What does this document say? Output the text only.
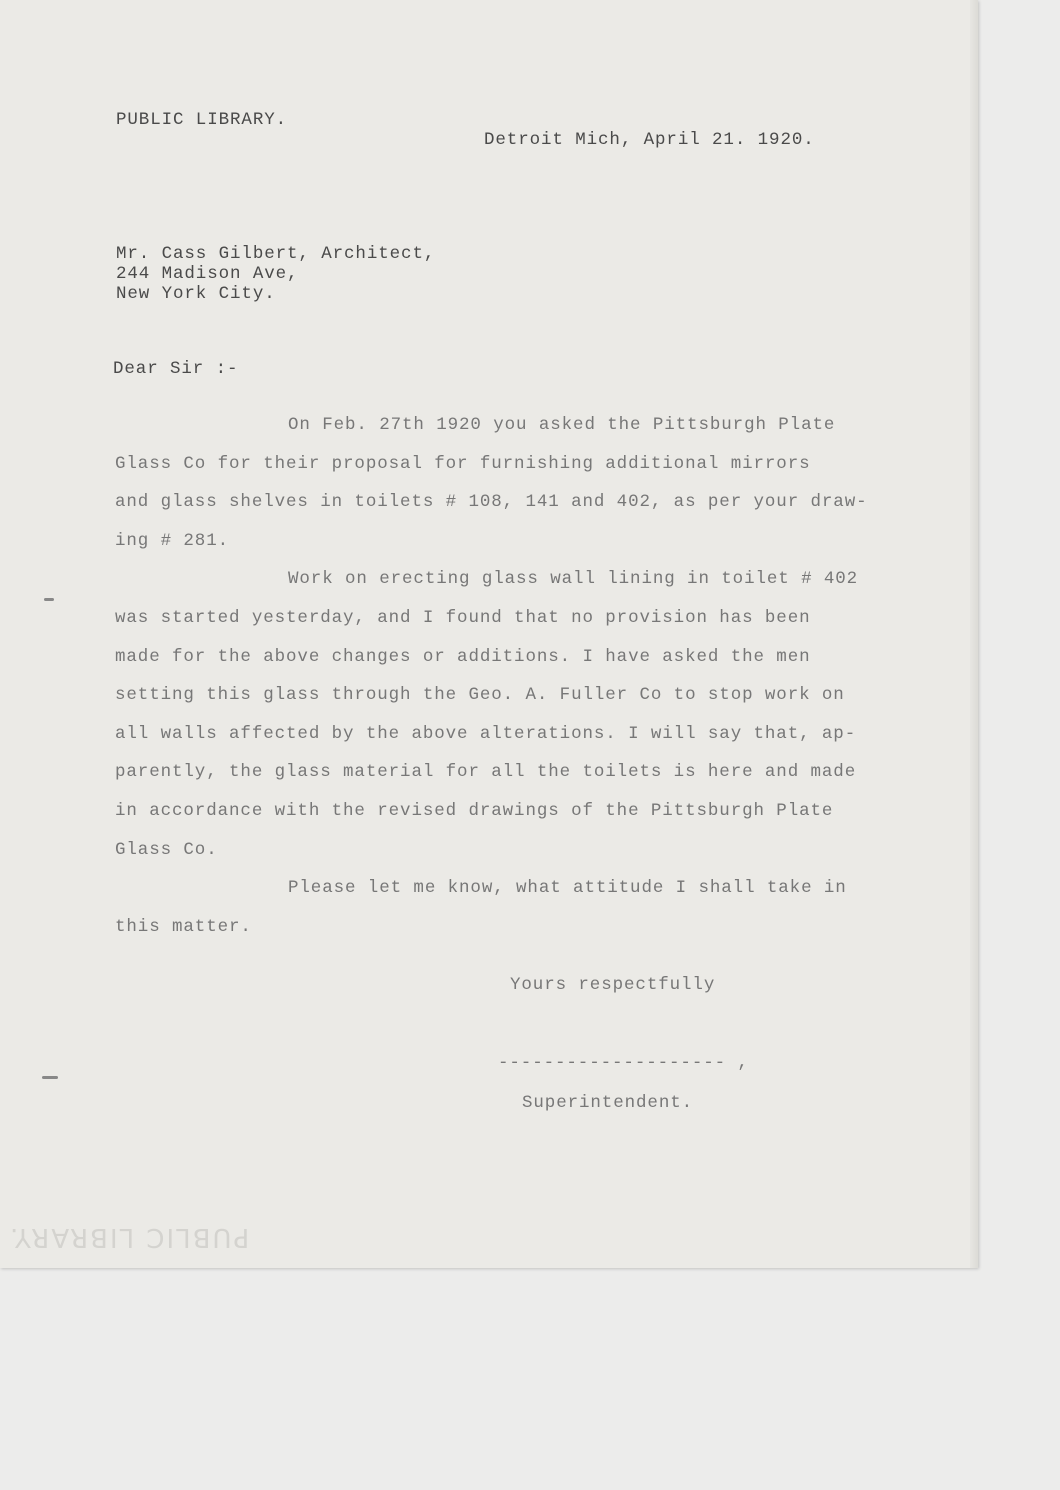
PUBLIC LIBRARY.
Detroit Mich, April 21. 1920.
Mr. Cass Gilbert, Architect,
244 Madison Ave,
New York City.
Dear Sir :-
On Feb. 27th 1920 you asked the Pittsburgh Plate
Glass Co for their proposal for furnishing additional mirrors
and glass shelves in toilets # 108, 141 and 402, as per your draw-
ing # 281.
Work on erecting glass wall lining in toilet # 402
was started yesterday, and I found that no provision has been
made for the above changes or additions. I have asked the men
setting this glass through the Geo. A. Fuller Co to stop work on
all walls affected by the above alterations. I will say that, ap-
parently, the glass material for all the toilets is here and made
in accordance with the revised drawings of the Pittsburgh Plate
Glass Co.
Please let me know, what attitude I shall take in
this matter.
Yours respectfully
-------------------- ,
Superintendent.
PUBLIC LIBRARY.
